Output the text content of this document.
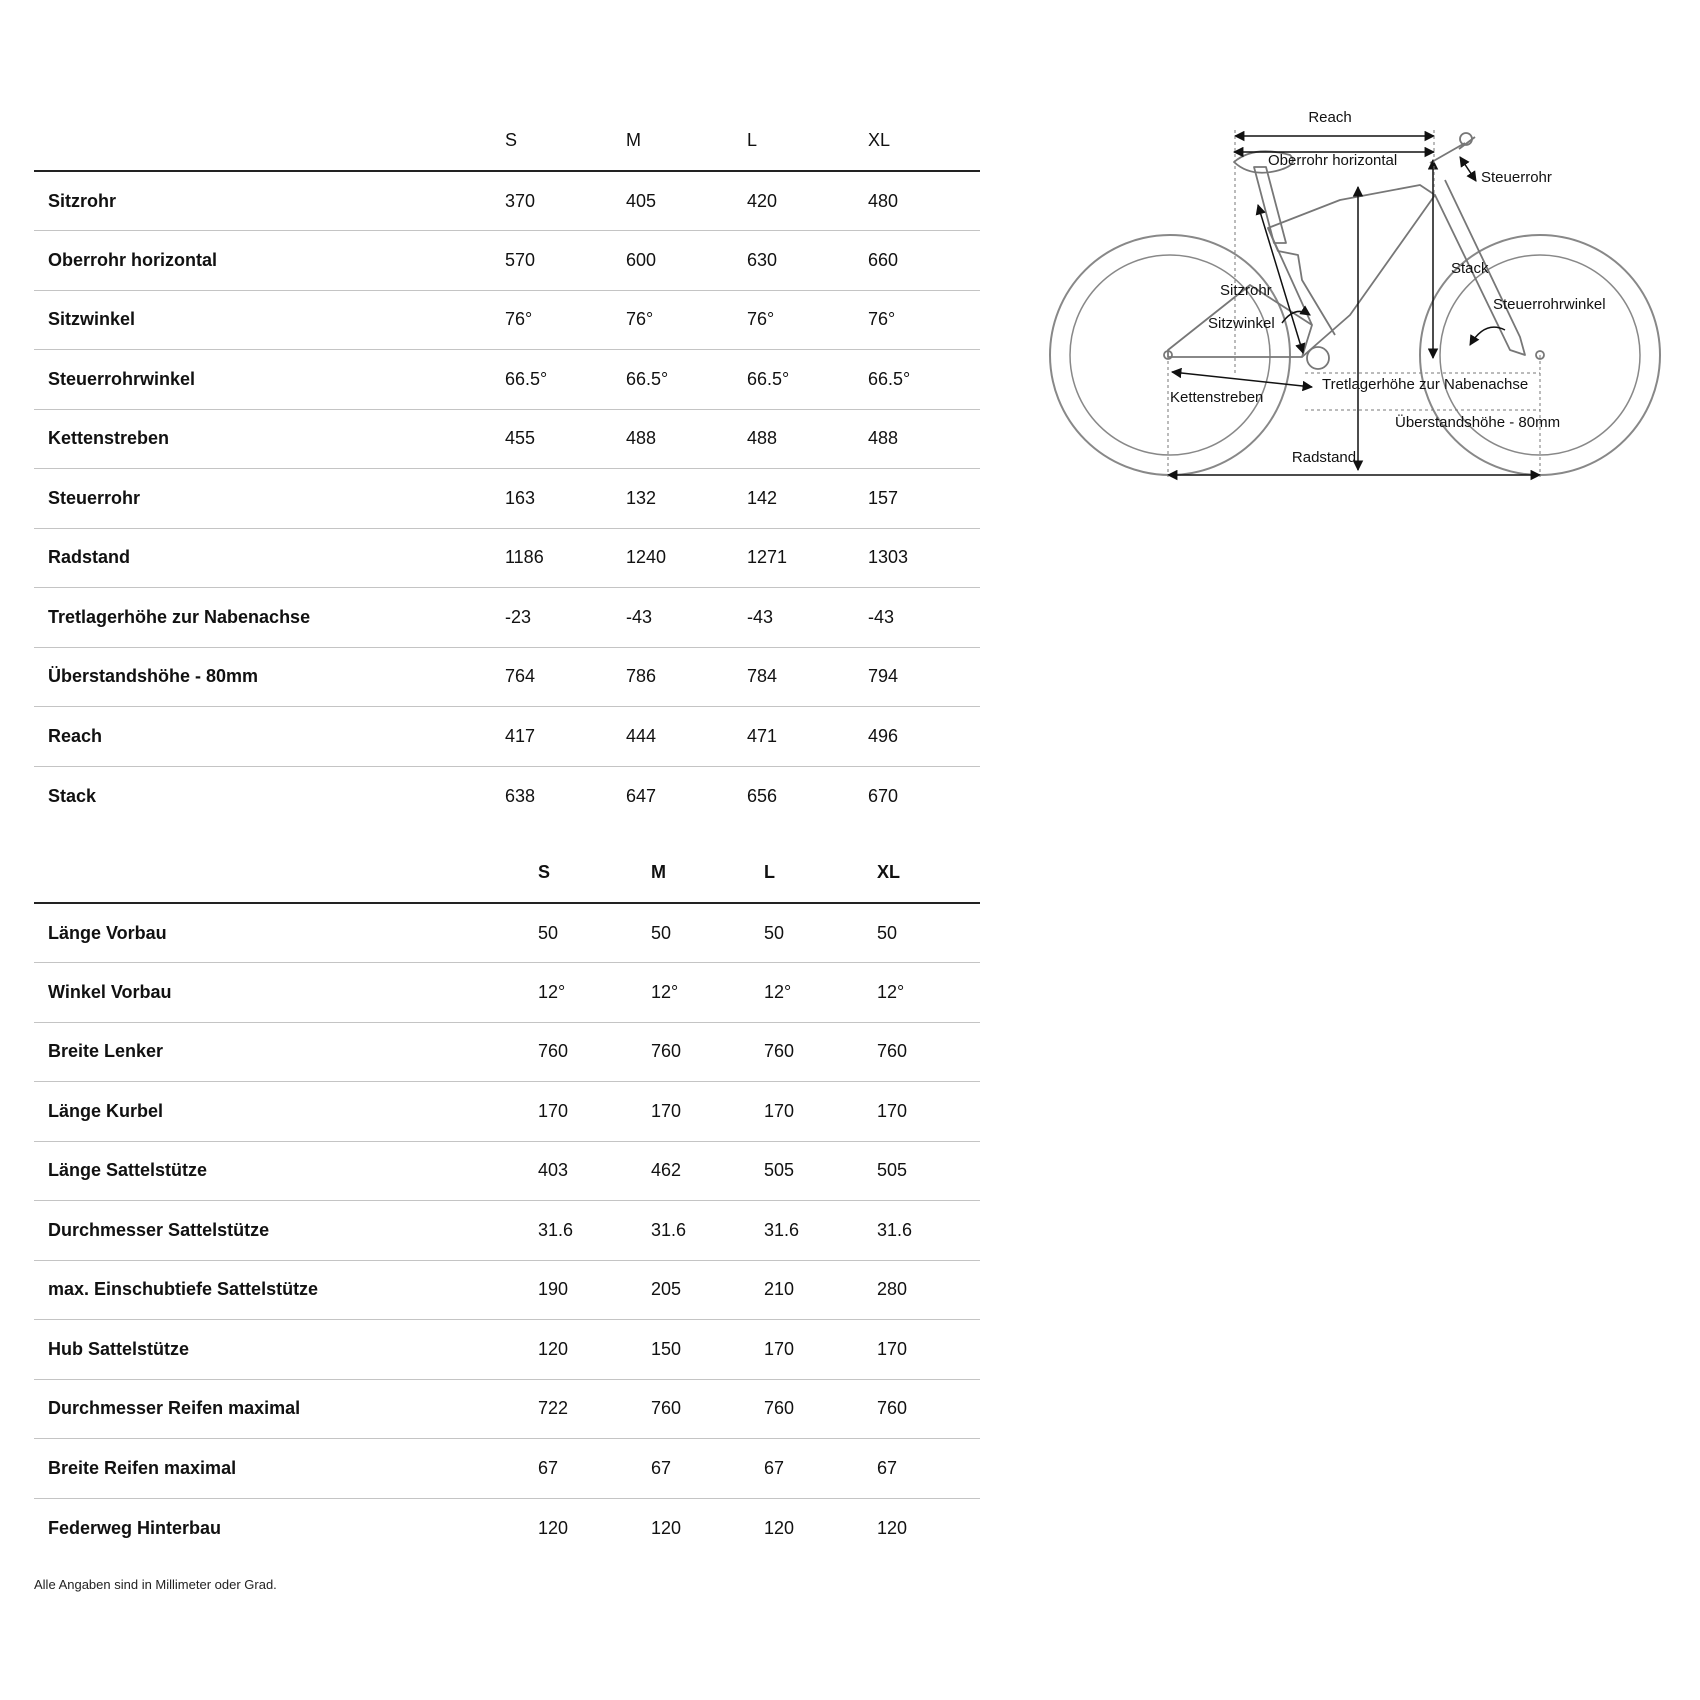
	S	M	L	XL
Sitzrohr	370	405	420	480
Oberrohr horizontal	570	600	630	660
Sitzwinkel	76°	76°	76°	76°
Steuerrohrwinkel	66.5°	66.5°	66.5°	66.5°
Kettenstreben	455	488	488	488
Steuerrohr	163	132	142	157
Radstand	1186	1240	1271	1303
Tretlagerhöhe zur Nabenachse	-23	-43	-43	-43
Überstandshöhe - 80mm	764	786	784	794
Reach	417	444	471	496
Stack	638	647	656	670
	S	M	L	XL
Länge Vorbau	50	50	50	50
Winkel Vorbau	12°	12°	12°	12°
Breite Lenker	760	760	760	760
Länge Kurbel	170	170	170	170
Länge Sattelstütze	403	462	505	505
Durchmesser Sattelstütze	31.6	31.6	31.6	31.6
max. Einschubtiefe Sattelstütze	190	205	210	280
Hub Sattelstütze	120	150	170	170
Durchmesser Reifen maximal	722	760	760	760
Breite Reifen maximal	67	67	67	67
Federweg Hinterbau	120	120	120	120
Alle Angaben sind in Millimeter oder Grad.
Reach
Oberrohr horizontal
Steuerrohr
Stack
Sitzrohr
Steuerrohrwinkel
Sitzwinkel
Tretlagerhöhe zur Nabenachse
Kettenstreben
Überstandshöhe - 80mm
Radstand
